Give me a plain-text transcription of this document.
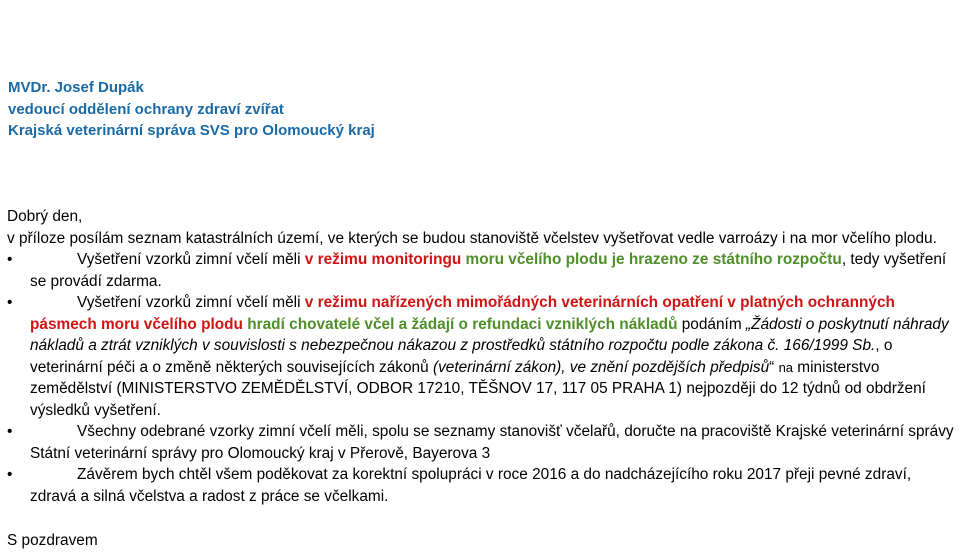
MVDr. Josef Dupák
vedoucí oddělení ochrany zdraví zvířat
Krajská veterinární správa SVS pro Olomoucký kraj

Dobrý den,

v příloze posílám seznam katastrálních území, ve kterých se budou stanoviště včelstev vyšetřovat vedle varroázy i na mor včelího plodu.

•	Vyšetření vzorků zimní včelí měli v režimu monitoringu moru včelího plodu je hrazeno ze státního rozpočtu, tedy vyšetření se provádí zdarma.

•	Vyšetření vzorků zimní včelí měli v režimu nařízených mimořádných veterinárních opatření v platných ochranných pásmech moru včelího plodu hradí chovatelé včel a žádají o refundaci vzniklých nákladů podáním „Žádosti o poskytnutí náhrady nákladů a ztrát vzniklých v souvislosti s nebezpečnou nákazou z prostředků státního rozpočtu podle zákona č. 166/1999 Sb., o veterinární péči a o změně některých souvisejících zákonů (veterinární zákon), ve znění pozdějších předpisů“ na ministerstvo zemědělství (MINISTERSTVO ZEMĚDĚLSTVÍ, ODBOR 17210, TĚŠNOV 17, 117 05 PRAHA 1) nejpozději do 12 týdnů od obdržení výsledků vyšetření.

•	Všechny odebrané vzorky zimní včelí měli, spolu se seznamy stanovišť včelařů, doručte na pracoviště Krajské veterinární správy Státní veterinární správy pro Olomoucký kraj v Přerově, Bayerova 3

•	Závěrem bych chtěl všem poděkovat za korektní spolupráci v roce 2016 a do nadcházejícího roku 2017 přeji pevné zdraví, zdravá a silná včelstva a radost z práce se včelkami.

S pozdravem
